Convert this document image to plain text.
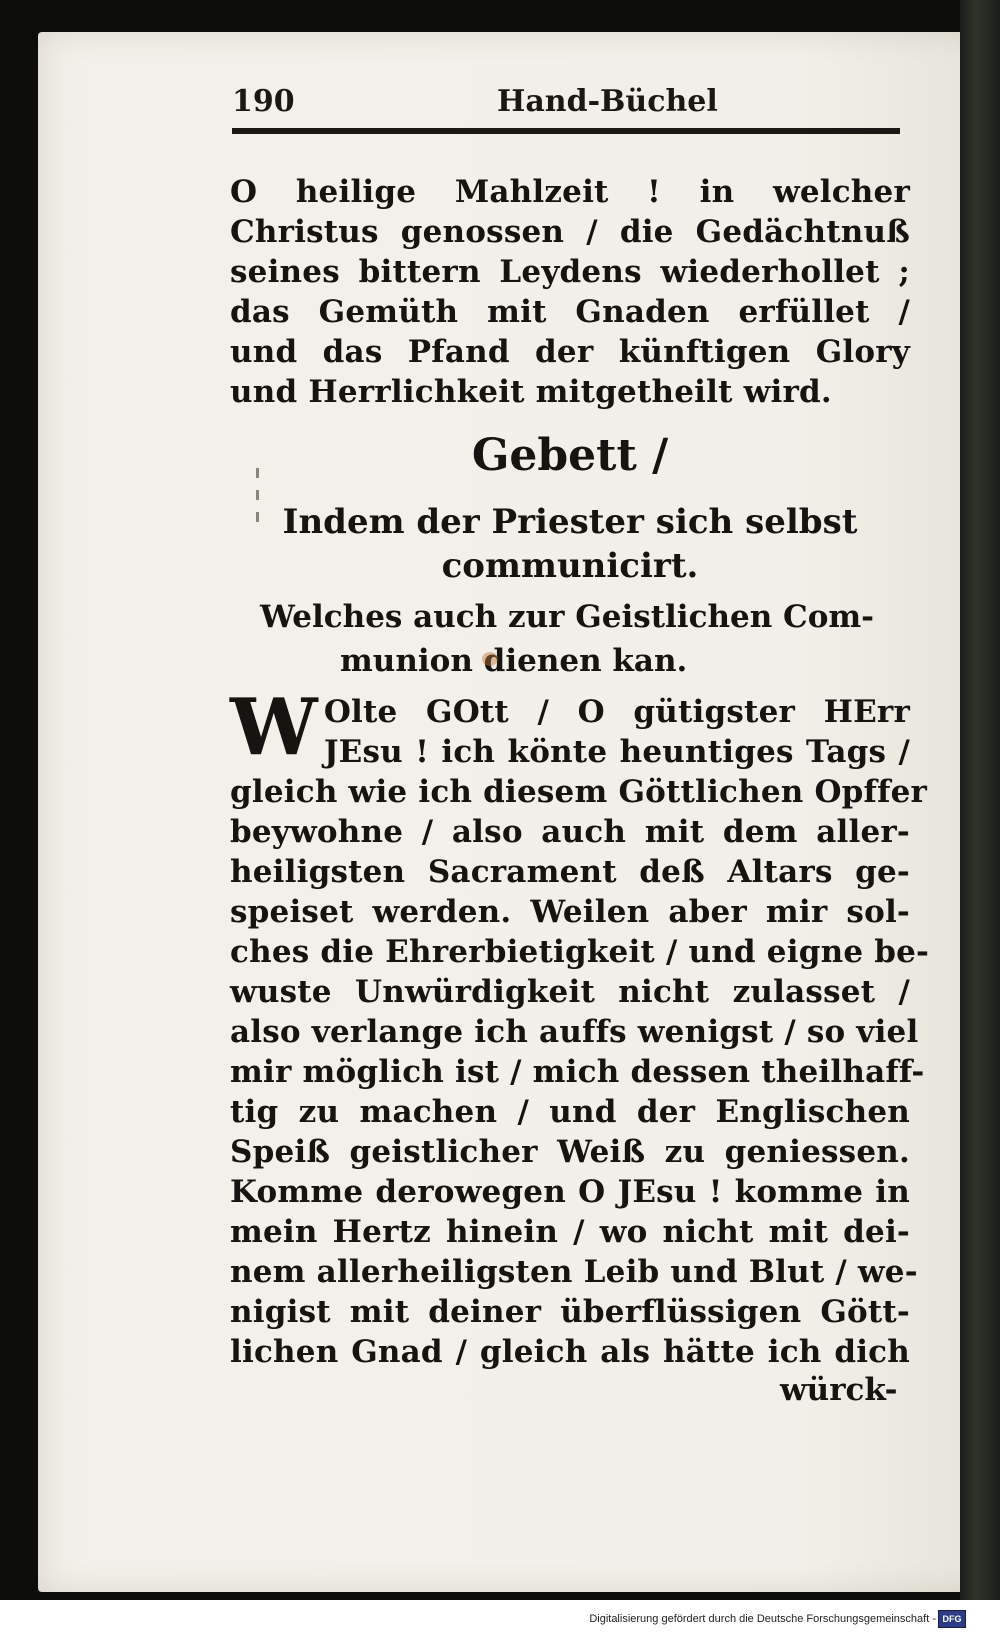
190	Hand-Büchel
O heilige Mahlzeit ! in welcher
Christus genossen / die Gedächtnuß
seines bittern Leydens wiederhollet ;
das Gemüth mit Gnaden erfüllet /
und das Pfand der künftigen Glory
und Herrlichkeit mitgetheilt wird.
Gebett /
Indem der Priester sich selbst
communicirt.
Welches auch zur Geistlichen Com-
munion dienen kan.
W Olte GOtt / O gütigster HErr
JEsu ! ich könte heuntiges Tags /
gleich wie ich diesem Göttlichen Opffer
beywohne / also auch mit dem aller-
heiligsten Sacrament deß Altars ge-
speiset werden. Weilen aber mir sol-
ches die Ehrerbietigkeit / und eigne be-
wuste Unwürdigkeit nicht zulasset /
also verlange ich auffs wenigst / so viel
mir möglich ist / mich dessen theilhaff-
tig zu machen / und der Englischen
Speiß geistlicher Weiß zu geniessen.
Komme derowegen O JEsu ! komme in
mein Hertz hinein / wo nicht mit dei-
nem allerheiligsten Leib und Blut / we-
nigist mit deiner überflüssigen Gött-
lichen Gnad / gleich als hätte ich dich
würck-
Digitalisierung gefördert durch die Deutsche Forschungsgemeinschaft - DFG
